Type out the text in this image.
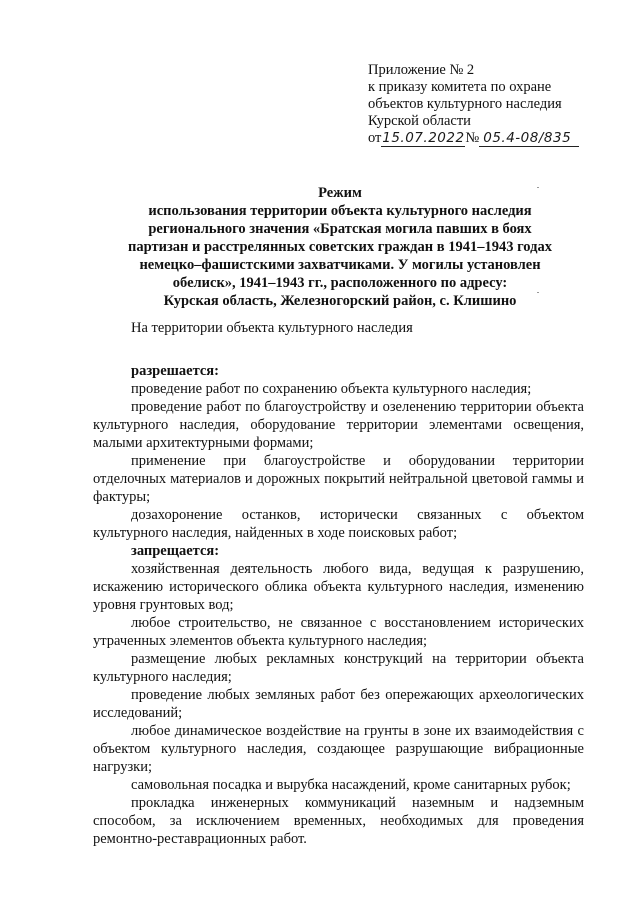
Приложение № 2
к приказу комитета по охране
объектов культурного наследия
Курской области
от15.07.2022№ 05.4-08/835
Режим
использования территории объекта культурного наследия
регионального значения «Братская могила павших в боях
партизан и расстрелянных советских граждан в 1941–1943 годах
немецко–фашистскими захватчиками. У могилы установлен
обелиск», 1941–1943 гг., расположенного по адресу:
Курская область, Железногорский район, с. Клишино

На территории объекта культурного наследия

разрешается:

проведение работ по сохранению объекта культурного наследия;

проведение работ по благоустройству и озеленению территории объекта культурного наследия, оборудование территории элементами освещения, малыми архитектурными формами;

применение при благоустройстве и оборудовании территории отделочных материалов и дорожных покрытий нейтральной цветовой гаммы и фактуры;

дозахоронение останков, исторически связанных с объектом культурного наследия, найденных в ходе поисковых работ;

запрещается:

хозяйственная деятельность любого вида, ведущая к разрушению, искажению исторического облика объекта культурного наследия, изменению уровня грунтовых вод;

любое строительство, не связанное с восстановлением исторических утраченных элементов объекта культурного наследия;

размещение любых рекламных конструкций на территории объекта культурного наследия;

проведение любых земляных работ без опережающих археологических исследований;

любое динамическое воздействие на грунты в зоне их взаимодействия с объектом культурного наследия, создающее разрушающие вибрационные нагрузки;

самовольная посадка и вырубка насаждений, кроме санитарных рубок;

прокладка инженерных коммуникаций наземным и надземным способом, за исключением временных, необходимых для проведения ремонтно-реставрационных работ.
